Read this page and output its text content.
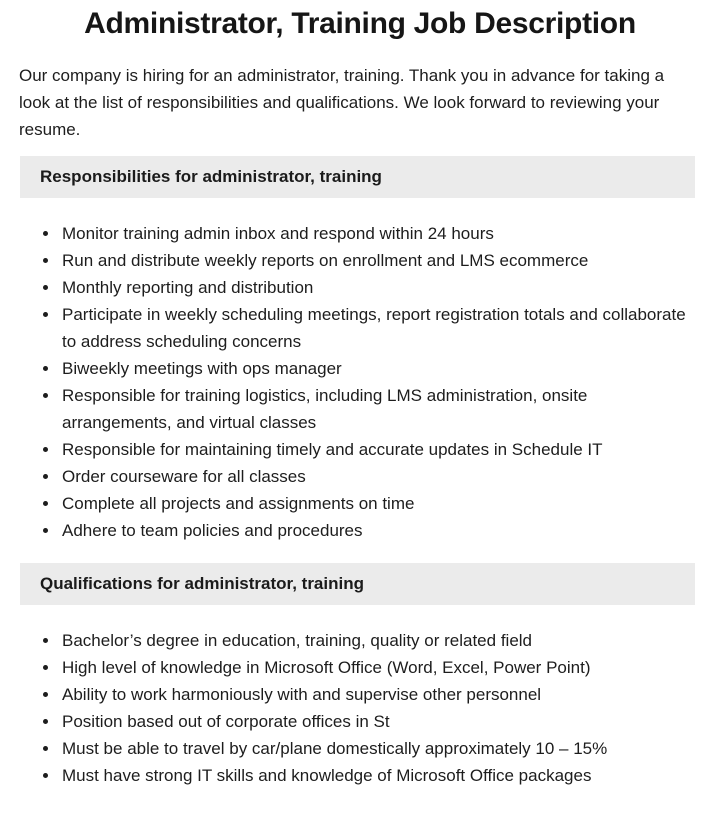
Administrator, Training Job Description

Our company is hiring for an administrator, training. Thank you in advance for taking a look at the list of responsibilities and qualifications. We look forward to reviewing your resume.

Responsibilities for administrator, training
Monitor training admin inbox and respond within 24 hours
Run and distribute weekly reports on enrollment and LMS ecommerce
Monthly reporting and distribution
Participate in weekly scheduling meetings, report registration totals and collaborate to address scheduling concerns
Biweekly meetings with ops manager
Responsible for training logistics, including LMS administration, onsite arrangements, and virtual classes
Responsible for maintaining timely and accurate updates in Schedule IT
Order courseware for all classes
Complete all projects and assignments on time
Adhere to team policies and procedures
Qualifications for administrator, training
Bachelor’s degree in education, training, quality or related field
High level of knowledge in Microsoft Office (Word, Excel, Power Point)
Ability to work harmoniously with and supervise other personnel
Position based out of corporate offices in St
Must be able to travel by car/plane domestically approximately 10 – 15%
Must have strong IT skills and knowledge of Microsoft Office packages
